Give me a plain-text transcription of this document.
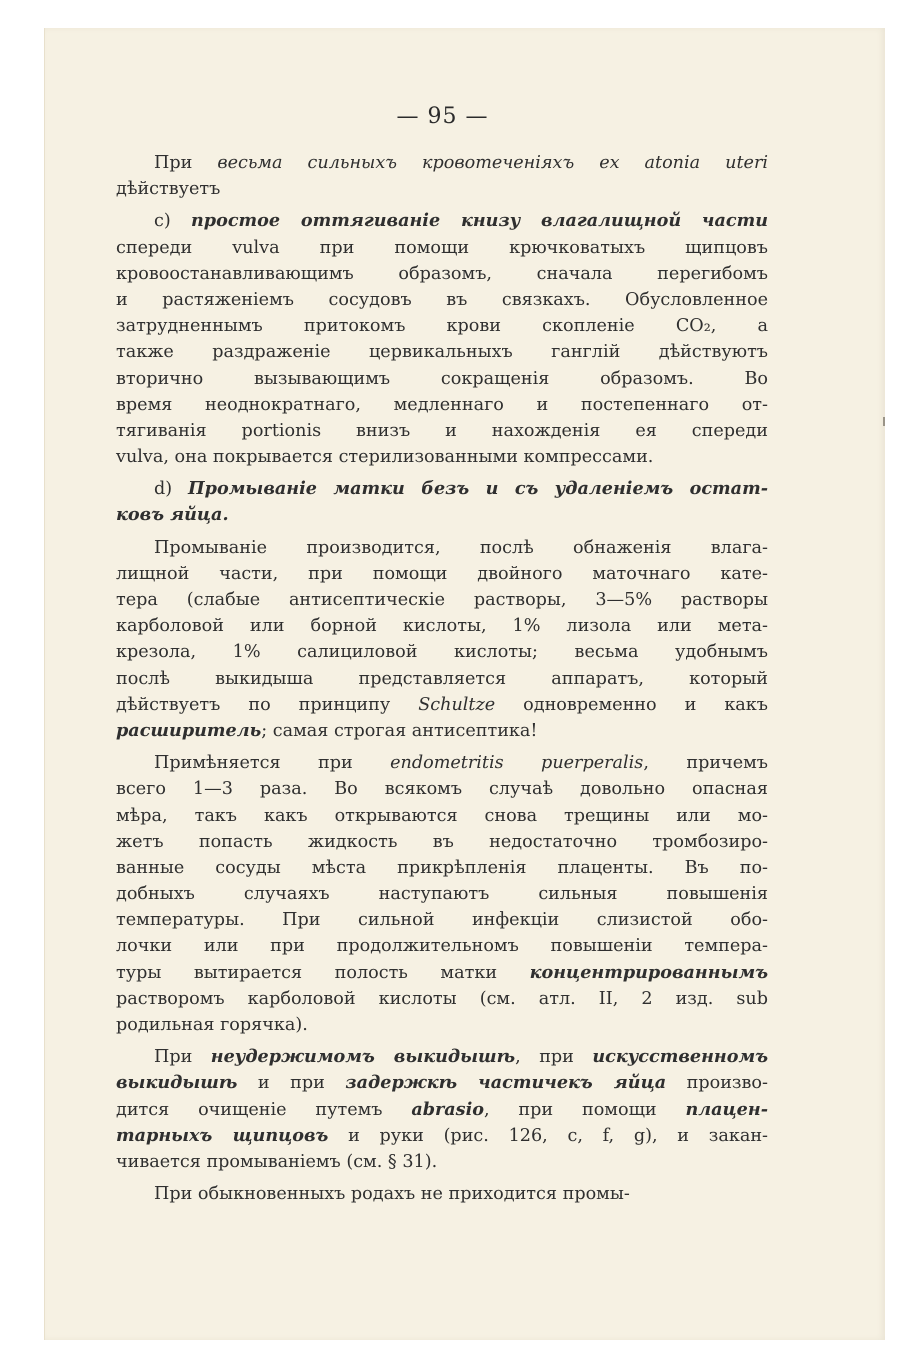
— 95 —
При весьма сильныхъ кровотеченіяхъ ex atonia uteri
дѣйствуетъ
c) простое оттягиваніе книзу влагалищной части
спереди vulva при помощи крючковатыхъ щипцовъ
кровоостанавливающимъ образомъ, сначала перегибомъ
и растяженіемъ сосудовъ въ связкахъ. Обусловленное
затрудненнымъ притокомъ крови скопленіе CO₂, а
также раздраженіе цервикальныхъ ганглій дѣйствуютъ
вторично вызывающимъ сокращенія образомъ. Во
время неоднократнаго, медленнаго и постепеннаго от-
тягиванія portionis внизъ и нахожденія ея спереди
vulva, она покрывается стерилизованными компрессами.
d) Промываніе матки безъ и съ удаленіемъ остат-
ковъ яйца.
Промываніе производится, послѣ обнаженія влага-
лищной части, при помощи двойного маточнаго кате-
тера (слабые антисептическіе растворы, 3—5% растворы
карболовой или борной кислоты, 1% лизола или мета-
крезола, 1% салициловой кислоты; весьма удобнымъ
послѣ выкидыша представляется аппаратъ, который
дѣйствуетъ по принципу Schultze одновременно и какъ
расширитель; самая строгая антисептика!
Примѣняется при endometritis puerperalis, причемъ
всего 1—3 раза. Во всякомъ случаѣ довольно опасная
мѣра, такъ какъ открываются снова трещины или мо-
жетъ попасть жидкость въ недостаточно тромбозиро-
ванные сосуды мѣста прикрѣпленія плаценты. Въ по-
добныхъ случаяхъ наступаютъ сильныя повышенія
температуры. При сильной инфекціи слизистой обо-
лочки или при продолжительномъ повышеніи темпера-
туры вытирается полость матки концентрированнымъ
растворомъ карболовой кислоты (см. атл. II, 2 изд. sub
родильная горячка).
При неудержимомъ выкидышѣ, при искусственномъ
выкидышѣ и при задержкѣ частичекъ яйца произво-
дится очищеніе путемъ abrasio, при помощи плацен-
тарныхъ щипцовъ и руки (рис. 126, с, f, g), и закан-
чивается промываніемъ (см. § 31).
При обыкновенныхъ родахъ не приходится промы-
